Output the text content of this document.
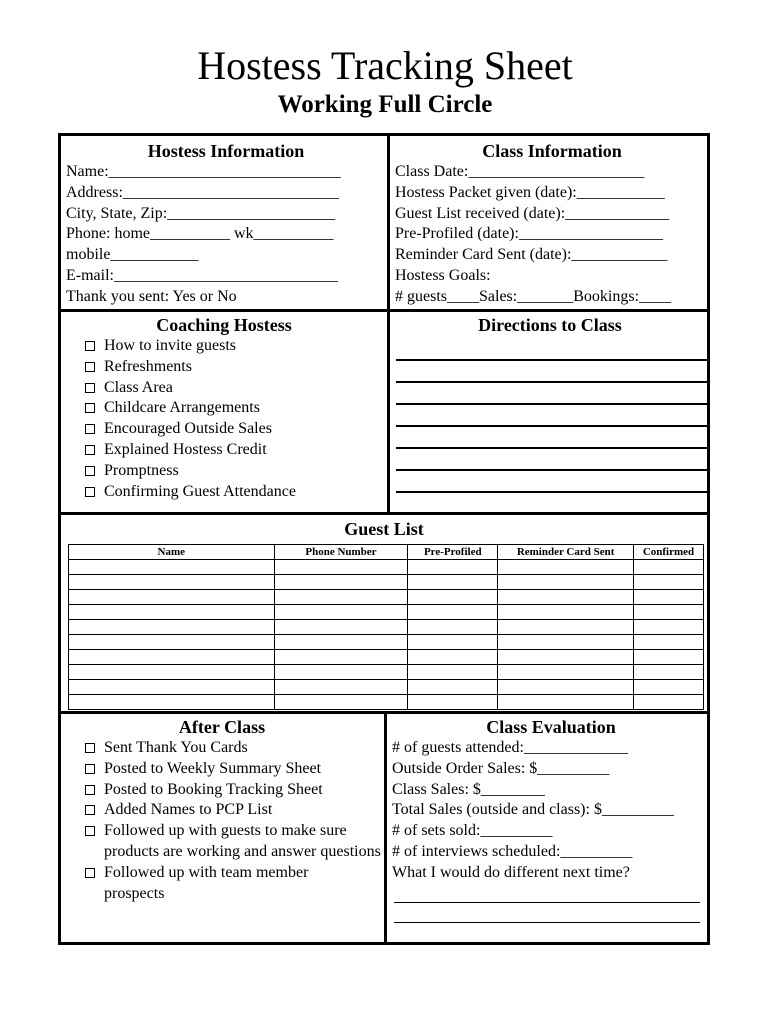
Hostess Tracking Sheet
Working Full Circle
Hostess Information
Name:_____________________________
Address:___________________________
City, State, Zip:_____________________
Phone: home__________ wk__________
mobile___________
E-mail:____________________________
Thank you sent: Yes or No
Class Information
Class Date:______________________
Hostess Packet given (date):___________
Guest List received (date):_____________
Pre-Profiled (date):__________________
Reminder Card Sent (date):____________
Hostess Goals:
# guests____Sales:_______Bookings:____
Coaching Hostess
How to invite guests
Refreshments
Class Area
Childcare Arrangements
Encouraged Outside Sales
Explained Hostess Credit
Promptness
Confirming Guest Attendance
Directions to Class
Guest List
Name	Phone Number	Pre-Profiled	Reminder Card Sent	Confirmed

After Class
Sent Thank You Cards
Posted to Weekly Summary Sheet
Posted to Booking Tracking Sheet
Added Names to PCP List
Followed up with guests to make sure products are working and answer questions
Followed up with team member prospects
Class Evaluation
# of guests attended:_____________
Outside Order Sales: $_________
Class Sales: $________
Total Sales (outside and class): $_________
# of sets sold:_________
# of interviews scheduled:_________
What I would do different next time?
